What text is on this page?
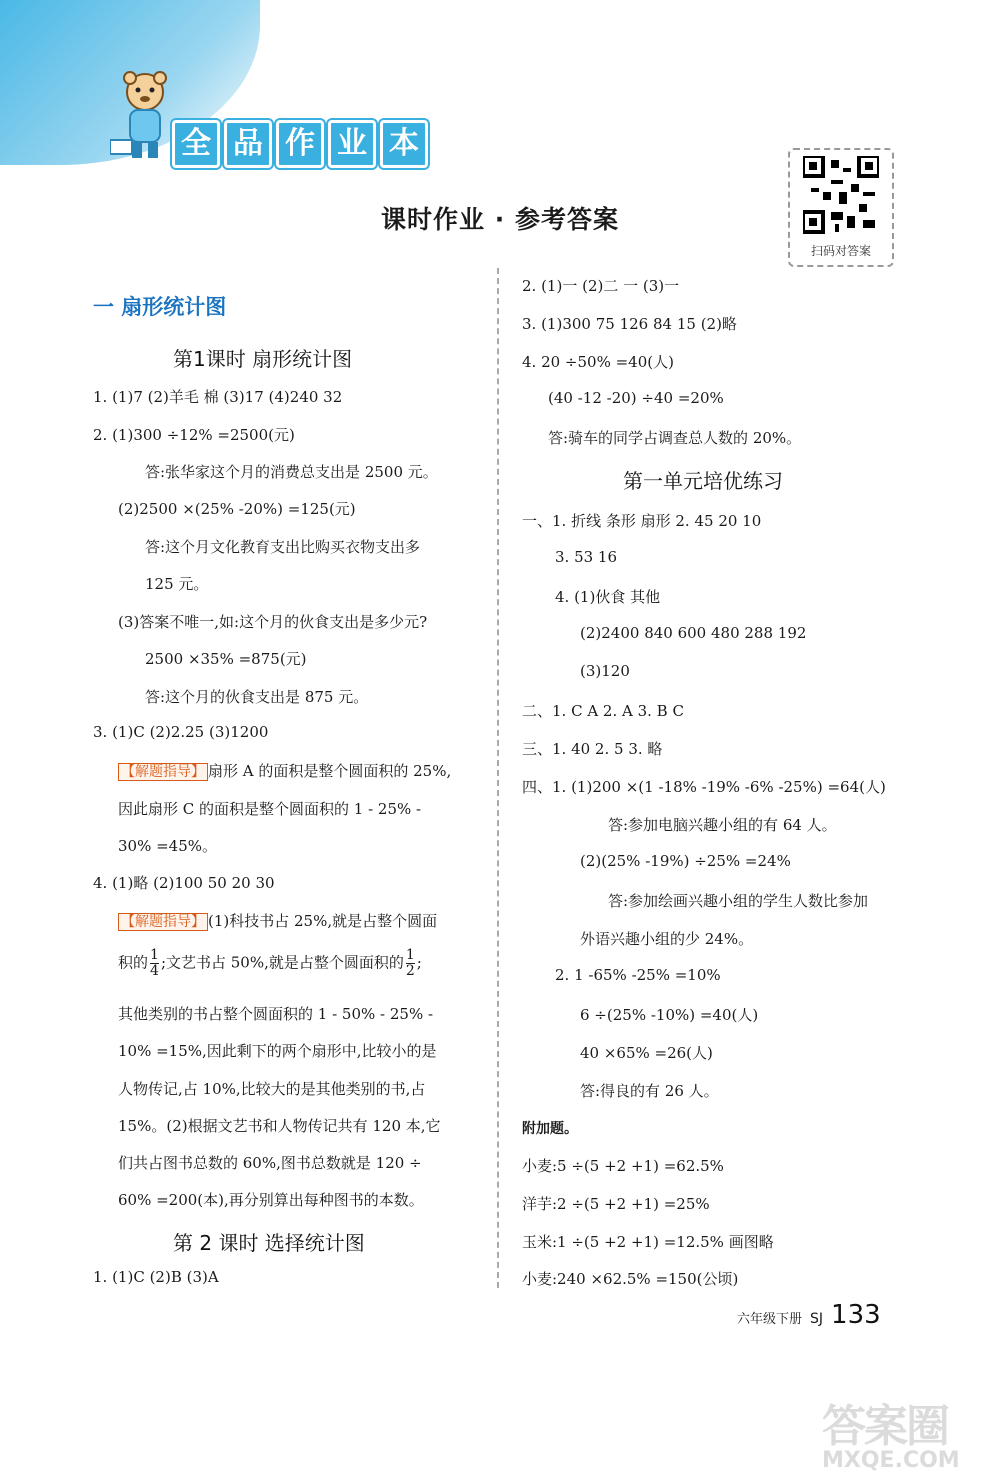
全 品 作 业 本
课时作业 · 参考答案
扫码对答案
一 扇形统计图
第1课时 扇形统计图
1. (1)7 (2)羊毛 棉 (3)17 (4)240 32
2. (1)300 ÷12% =2500(元)
答:张华家这个月的消费总支出是 2500 元。
(2)2500 ×(25% -20%) =125(元)
答:这个月文化教育支出比购买衣物支出多
125 元。
(3)答案不唯一,如:这个月的伙食支出是多少元?
2500 ×35% =875(元)
答:这个月的伙食支出是 875 元。
3. (1)C (2)2.25 (3)1200
【解题指导】 扇形 A 的面积是整个圆面积的 25%,
因此扇形 C 的面积是整个圆面积的 1 - 25% -
30% =45%。
4. (1)略 (2)100 50 20 30
【解题指导】 (1)科技书占 25%,就是占整个圆面
积的 $\frac{1}{4}$ ;文艺书占 50%,就是占整个圆面积的 $\frac{1}{2}$ ;
其他类别的书占整个圆面积的 1 - 50% - 25% -
10% =15%,因此剩下的两个扇形中,比较小的是
人物传记,占 10%,比较大的是其他类别的书,占
15%。(2)根据文艺书和人物传记共有 120 本,它
们共占图书总数的 60%,图书总数就是 120 ÷
60% =200(本),再分别算出每种图书的本数。
第 2 课时 选择统计图
1. (1)C (2)B (3)A
2. (1)一 (2)二 一 (3)一
3. (1)300 75 126 84 15 (2)略
4. 20 ÷50% =40(人)
(40 -12 -20) ÷40 =20%
答:骑车的同学占调查总人数的 20%。
第一单元培优练习
一、1. 折线 条形 扇形 2. 45 20 10
3. 53 16
4. (1)伙食 其他
(2)2400 840 600 480 288 192
(3)120
二、1. C A 2. A 3. B C
三、1. 40 2. 5 3. 略
四、1. (1)200 ×(1 -18% -19% -6% -25%) =64(人)
答:参加电脑兴趣小组的有 64 人。
(2)(25% -19%) ÷25% =24%
答:参加绘画兴趣小组的学生人数比参加
外语兴趣小组的少 24%。
2. 1 -65% -25% =10%
6 ÷(25% -10%) =40(人)
40 ×65% =26(人)
答:得良的有 26 人。
附加题。
小麦:5 ÷(5 +2 +1) =62.5%
洋芋:2 ÷(5 +2 +1) =25%
玉米:1 ÷(5 +2 +1) =12.5% 画图略
小麦:240 ×62.5% =150(公顷)
六年级下册 SJ 133
答案圈
MXQE.COM
